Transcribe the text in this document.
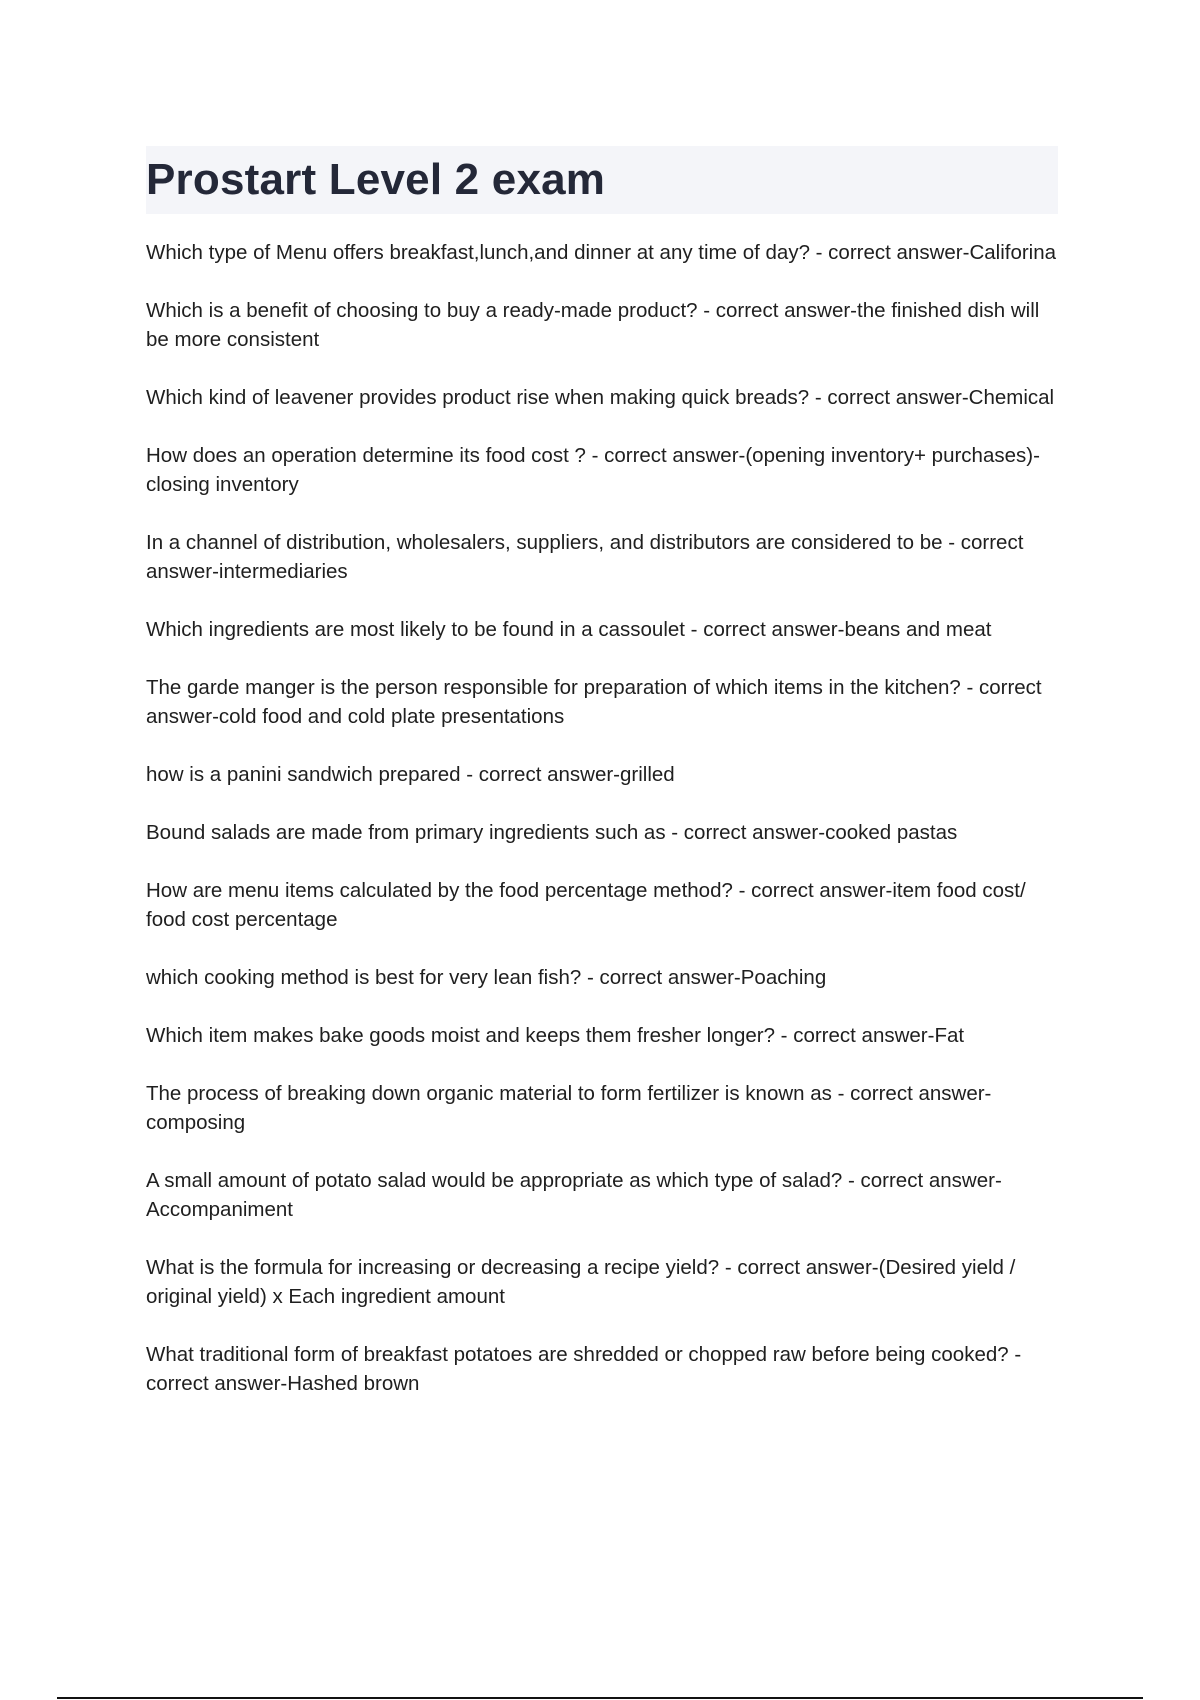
Prostart Level 2 exam
Which type of Menu offers breakfast,lunch,and dinner at any time of day? - correct answer-Califorina
Which is a benefit of choosing to buy a ready-made product? - correct answer-the finished dish will be more consistent
Which kind of leavener provides product rise when making quick breads? - correct answer-Chemical
How does an operation determine its food cost ? - correct answer-(opening inventory+ purchases)-closing inventory
In a channel of distribution, wholesalers, suppliers, and distributors are considered to be - correct answer-intermediaries
Which ingredients are most likely to be found in a cassoulet - correct answer-beans and meat
The garde manger is the person responsible for preparation of which items in the kitchen? - correct answer-cold food and cold plate presentations
how is a panini sandwich prepared - correct answer-grilled
Bound salads are made from primary ingredients such as - correct answer-cooked pastas
How are menu items calculated by the food percentage method? - correct answer-item food cost/ food cost percentage
which cooking method is best for very lean fish? - correct answer-Poaching
Which item makes bake goods moist and keeps them fresher longer? - correct answer-Fat
The process of breaking down organic material to form fertilizer is known as - correct answer-composing
A small amount of potato salad would be appropriate as which type of salad? - correct answer-Accompaniment
What is the formula for increasing or decreasing a recipe yield? - correct answer-(Desired yield / original yield) x Each ingredient amount
What traditional form of breakfast potatoes are shredded or chopped raw before being cooked? - correct answer-Hashed brown
